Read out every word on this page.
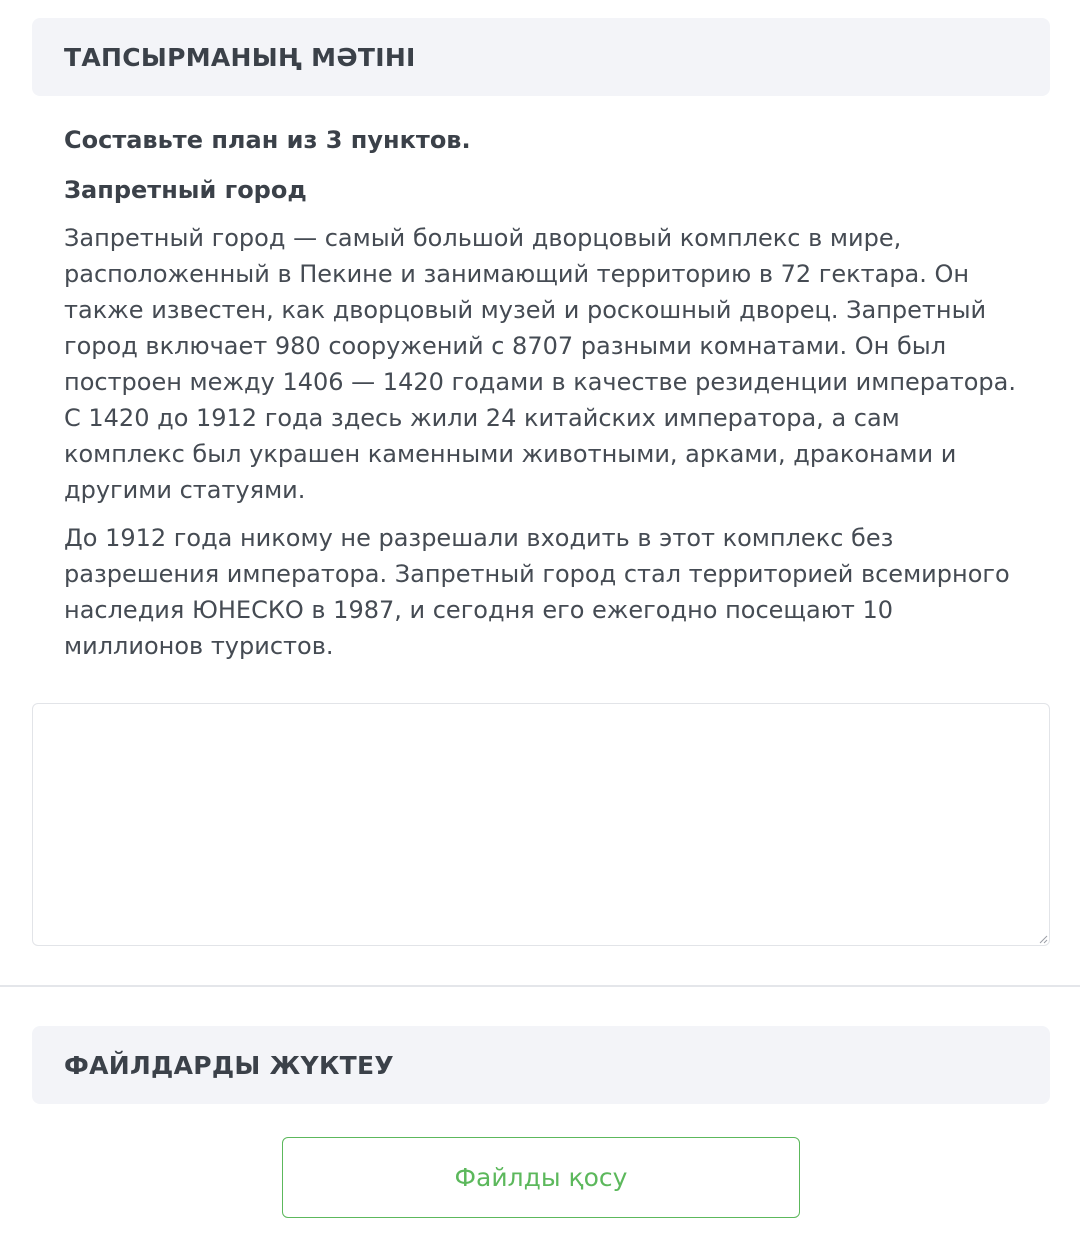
ТАПСЫРМАНЫҢ МӘТІНІ
Составьте план из 3 пунктов.
Запретный город

Запретный город — самый большой дворцовый комплекс в мире, расположенный в Пекине и занимающий территорию в 72 гектара. Он также известен, как дворцовый музей и роскошный дворец. Запретный город включает 980 сооружений с 8707 разными комнатами. Он был построен между 1406 — 1420 годами в качестве резиденции императора. С 1420 до 1912 года здесь жили 24 китайских императора, а сам комплекс был украшен каменными животными, арками, драконами и другими статуями.

До 1912 года никому не разрешали входить в этот комплекс без разрешения императора. Запретный город стал территорией всемирного наследия ЮНЕСКО в 1987, и сегодня его ежегодно посещают 10 миллионов туристов.

ФАЙЛДАРДЫ ЖҮКТЕУ
Файлды қосу
